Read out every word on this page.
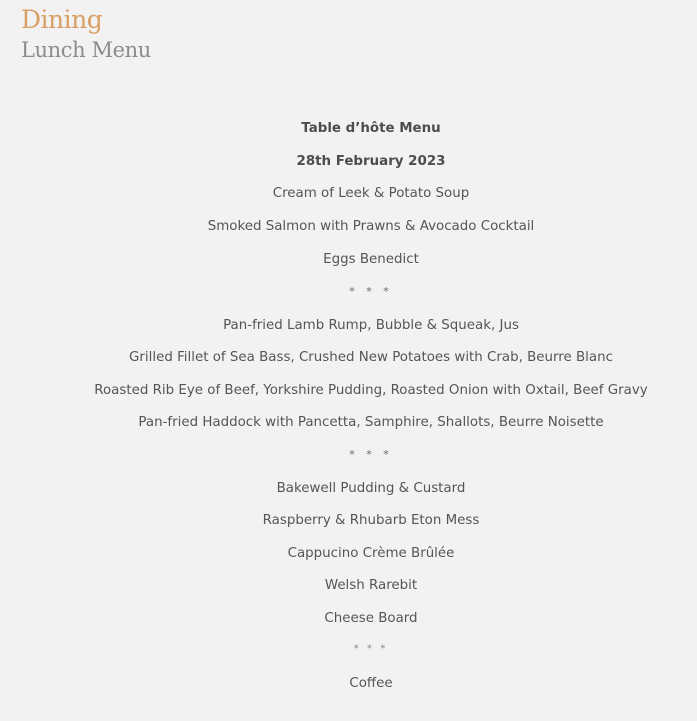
Dining
Lunch Menu
Table d’hôte Menu
28th February 2023
Cream of Leek & Potato Soup
Smoked Salmon with Prawns & Avocado Cocktail
Eggs Benedict
* * *
Pan-fried Lamb Rump, Bubble & Squeak, Jus
Grilled Fillet of Sea Bass, Crushed New Potatoes with Crab, Beurre Blanc
Roasted Rib Eye of Beef, Yorkshire Pudding, Roasted Onion with Oxtail, Beef Gravy
Pan-fried Haddock with Pancetta, Samphire, Shallots, Beurre Noisette
* * *
Bakewell Pudding & Custard
Raspberry & Rhubarb Eton Mess
Cappucino Crème Brûlée
Welsh Rarebit
Cheese Board
* * *
Coffee
